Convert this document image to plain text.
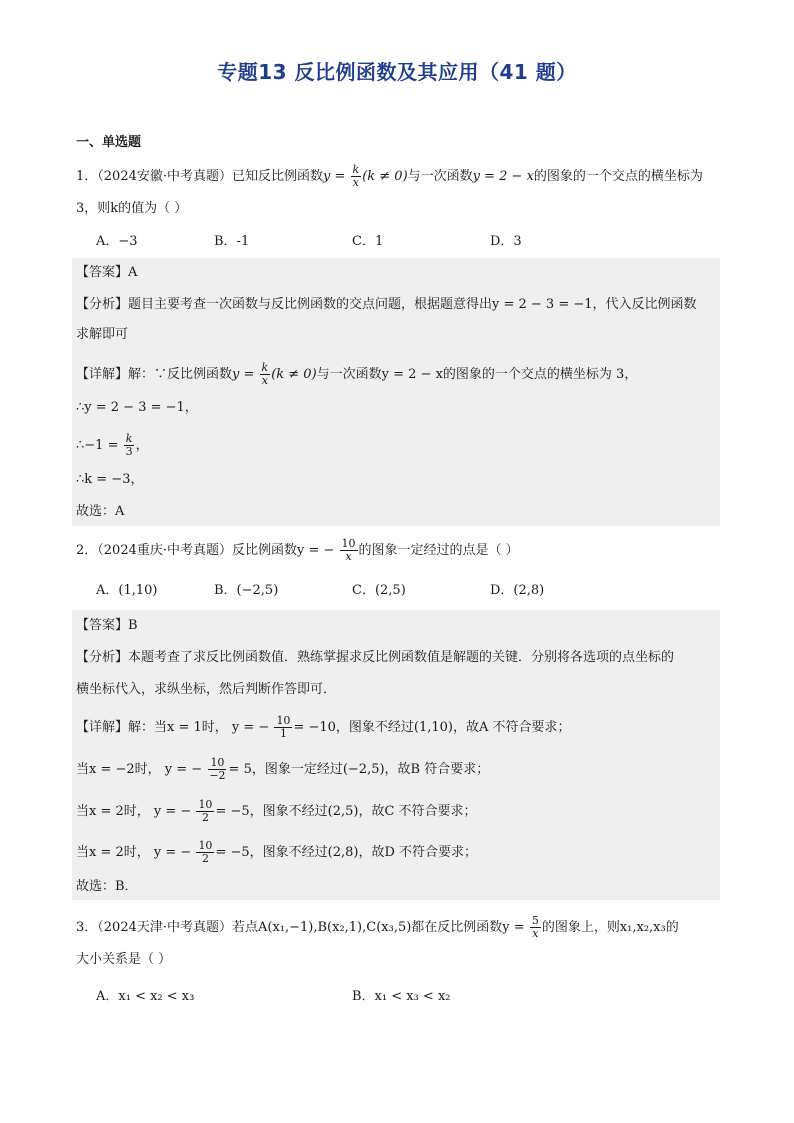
专题13 反比例函数及其应用（41 题）
一、单选题
1．（2024安徽·中考真题）已知反比例函数$y = \frac{k}{x} (k \ne 0)$与一次函数y = 2 − x的图象的一个交点的横坐标为
3，则k的值为（ ）
A．−3	B．-1	C．1	D．3
【答案】A
【分析】题目主要考查一次函数与反比例函数的交点问题，根据题意得出y = 2 − 3 = −1，代入反比例函数
求解即可
【详解】解：∵反比例函数$y = \frac{k}{x} (k \ne 0)$与一次函数y = 2 − x的图象的一个交点的横坐标为 3，
∴y = 2 − 3 = −1，
∴−1 = $\frac{k}{3}$ ，
∴k = −3，
故选：A
2．（2024重庆·中考真题）反比例函数y = − $\frac{10}{x}$ 的图象一定经过的点是（ ）
A．(1,10)	B．(−2,5)	C．(2,5)	D．(2,8)
【答案】B
【分析】本题考查了求反比例函数值．熟练掌握求反比例函数值是解题的关键．分别将各选项的点坐标的
横坐标代入，求纵坐标，然后判断作答即可．
【详解】解：当x = 1时， y = − $\frac{10}{1} = -10$，图象不经过(1,10)，故A 不符合要求；
当x = −2时， y = − $\frac{10}{-2} = 5$，图象一定经过(−2,5)，故B 符合要求；
当x = 2时， y = − $\frac{10}{2} = -5$，图象不经过(2,5)，故C 不符合要求；
当x = 2时， y = − $\frac{10}{2} = -5$，图象不经过(2,8)，故D 不符合要求；
故选：B．
3．（2024天津·中考真题）若点A(x₁,−1),B(x₂,1),C(x₃,5)都在反比例函数$y = \frac{5}{x}$ 的图象上，则x₁,x₂,x₃的
大小关系是（ ）
A．x₁ < x₂ < x₃	B．x₁ < x₃ < x₂
